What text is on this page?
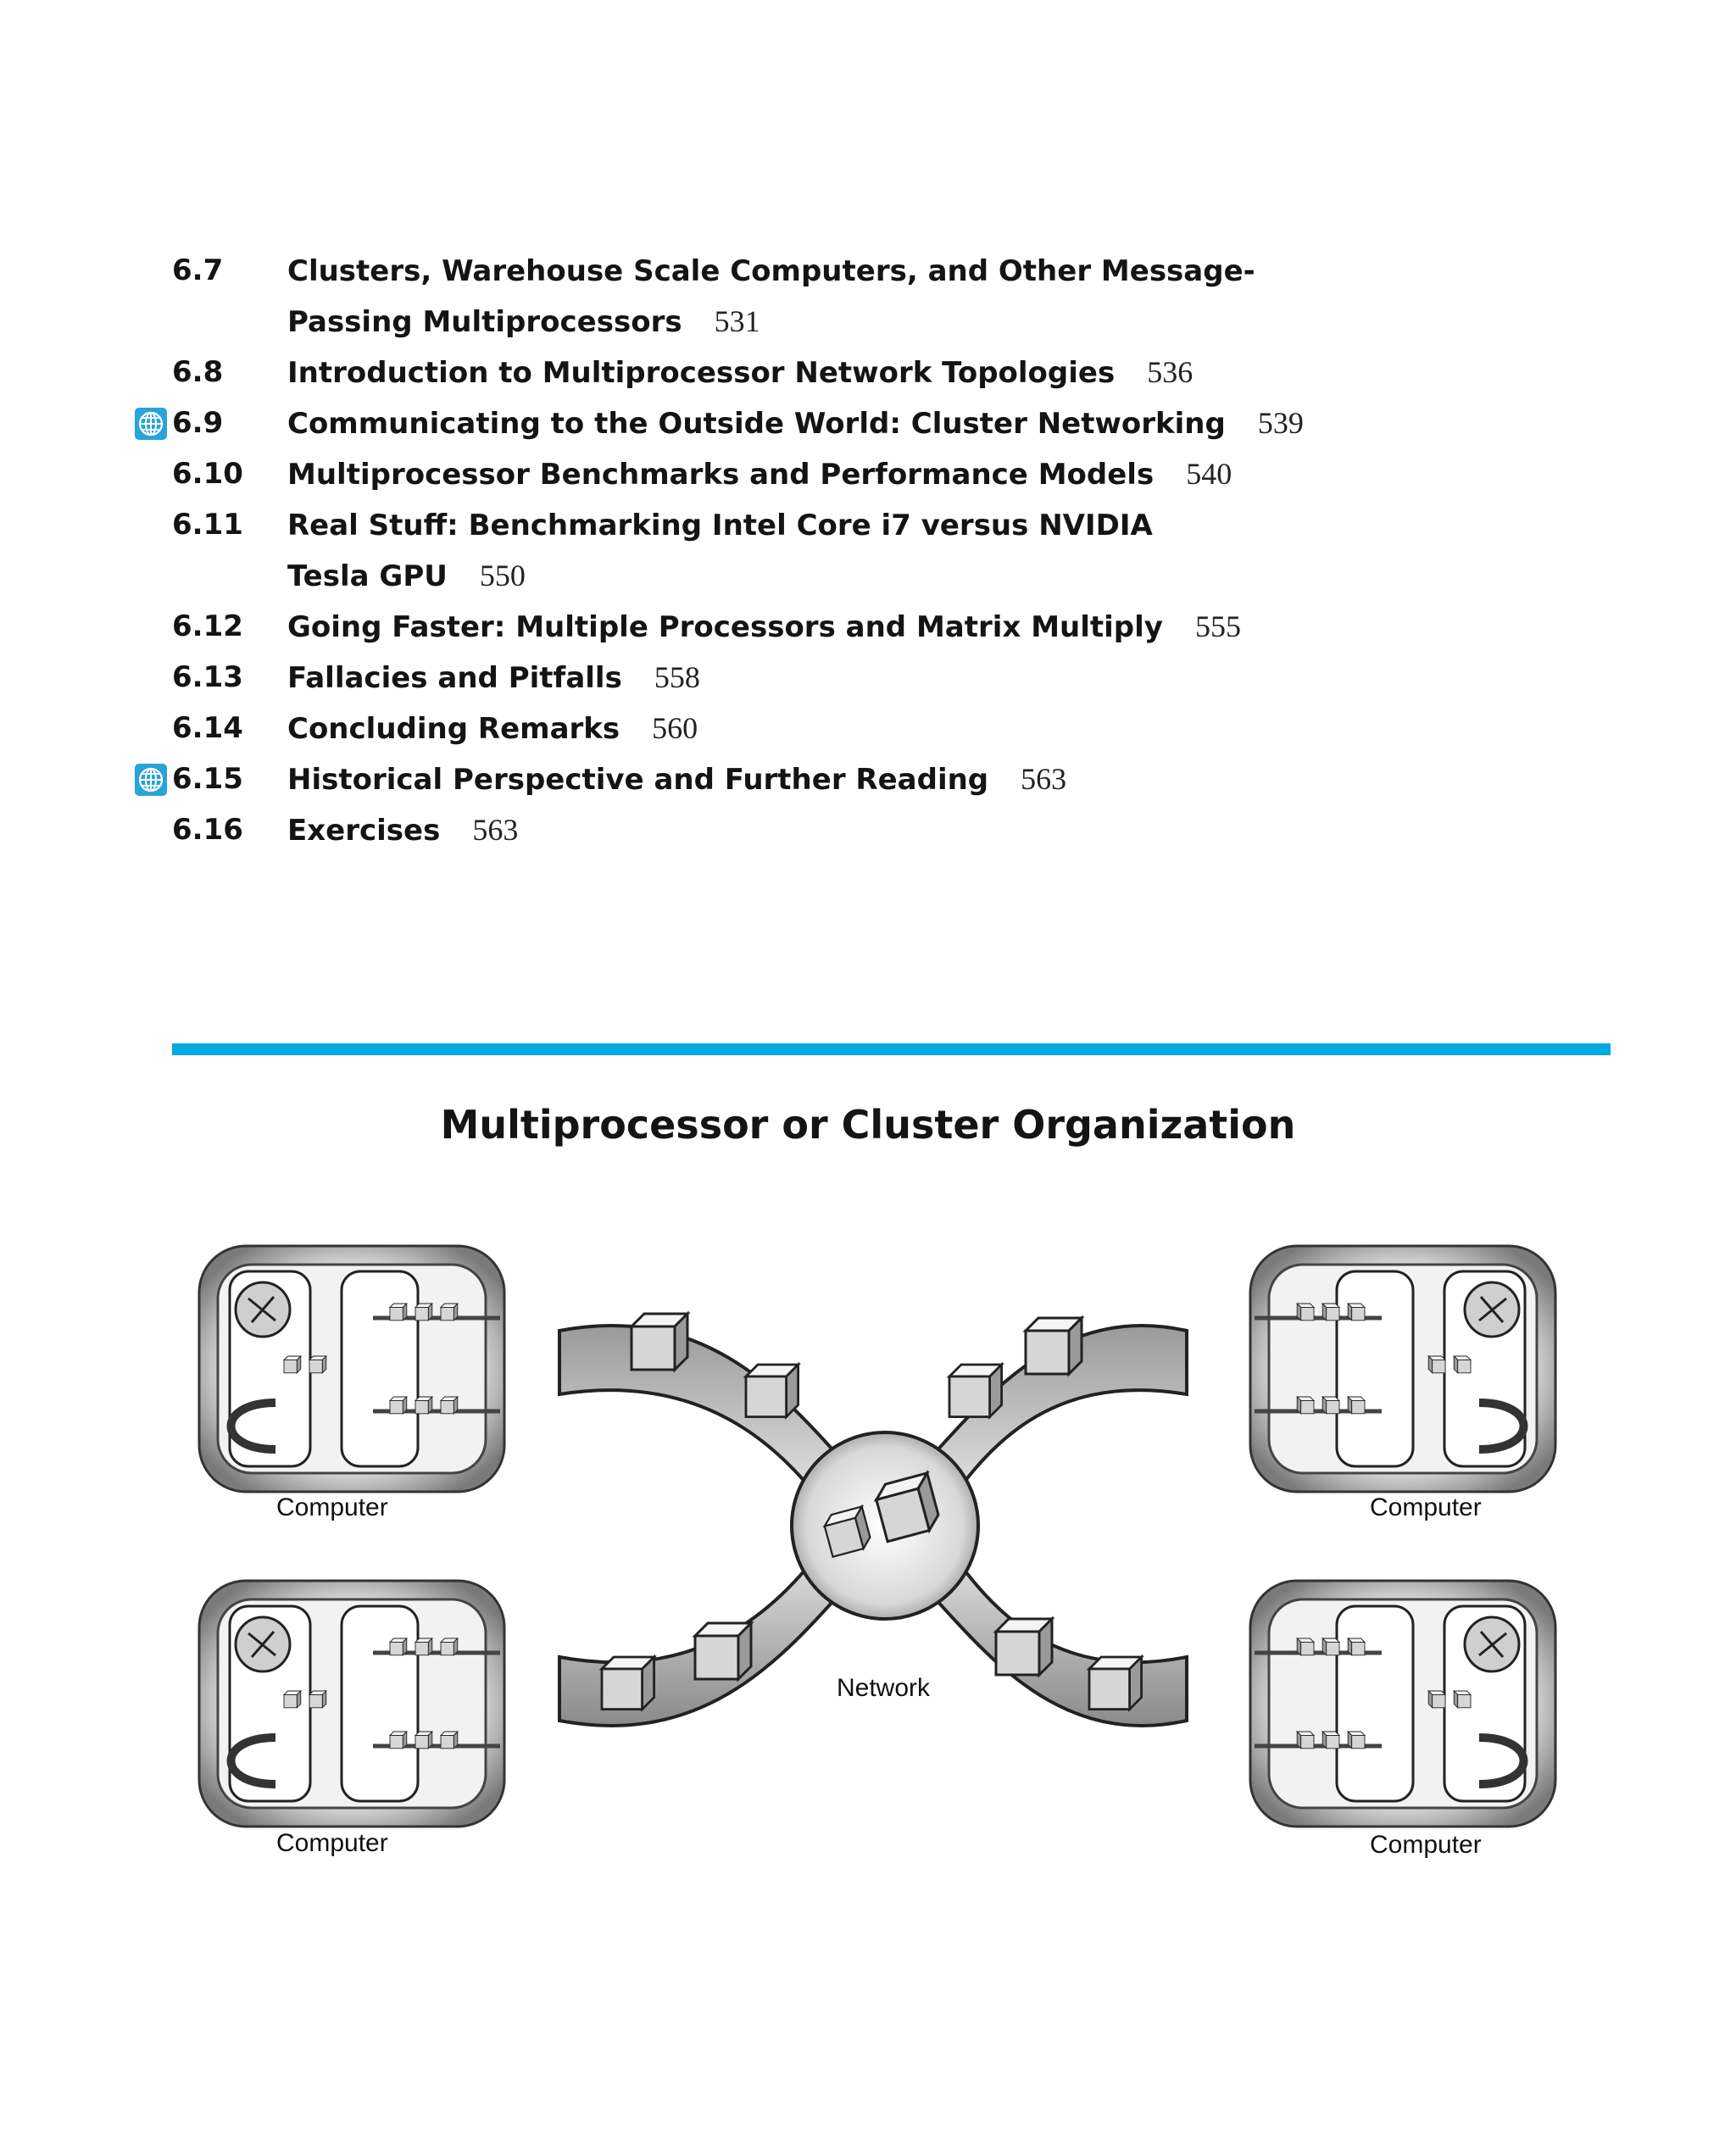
6.7 Clusters, Warehouse Scale Computers, and Other Message-
Passing Multiprocessors 531
6.8 Introduction to Multiprocessor Network Topologies 536
6.9 Communicating to the Outside World: Cluster Networking 539
6.10 Multiprocessor Benchmarks and Performance Models 540
6.11 Real Stuff: Benchmarking Intel Core i7 versus NVIDIA
Tesla GPU 550
6.12 Going Faster: Multiple Processors and Matrix Multiply 555
6.13 Fallacies and Pitfalls 558
6.14 Concluding Remarks 560
6.15 Historical Perspective and Further Reading 563
6.16 Exercises 563
Multiprocessor or Cluster Organization
Computer	Computer
Computer	Computer
Network
